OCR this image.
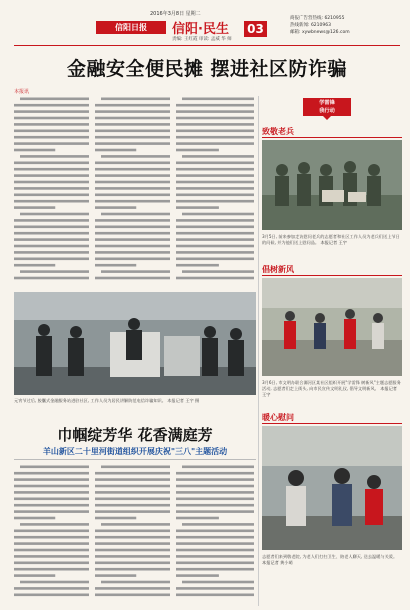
2016年3月8日 星期二
信阳日报	信阳·民生 03
责编: 王红霞 审读: 孟威 华 师
商报广告营热线: 6210955
热线新闻: 6210963
邮箱: xywbnews@126.com
金融安全便民摊 摆进社区防诈骗
本报讯
学雷锋
我行动
致敬老兵
3月5日, 前来参加走访慰问老兵的志愿者和社区工作人员为老兵们送上节日的问候, 并为他们送上慰问品。 本报记者 王宇
倡树新风
3月6日, 市文明办联合浉河区某社区组织开展"学雷锋 树新风"主题志愿服务活动, 志愿者们走上街头, 向市民宣传文明礼仪, 倡导文明新风。 本报记者 王宇
暖心慰问
志愿者们来到敬老院, 为老人们打扫卫生、陪老人聊天, 送去温暖与关爱。 本报记者 黄小萌
元宵节过后, 胶囊式金融服务站进驻社区, 工作人员为居民讲解防范电信诈骗知识。 本报记者 王宇 摄
巾帼绽芳华 花香满庭芳
羊山新区二十里河街道组织开展庆祝"三八"主题活动
